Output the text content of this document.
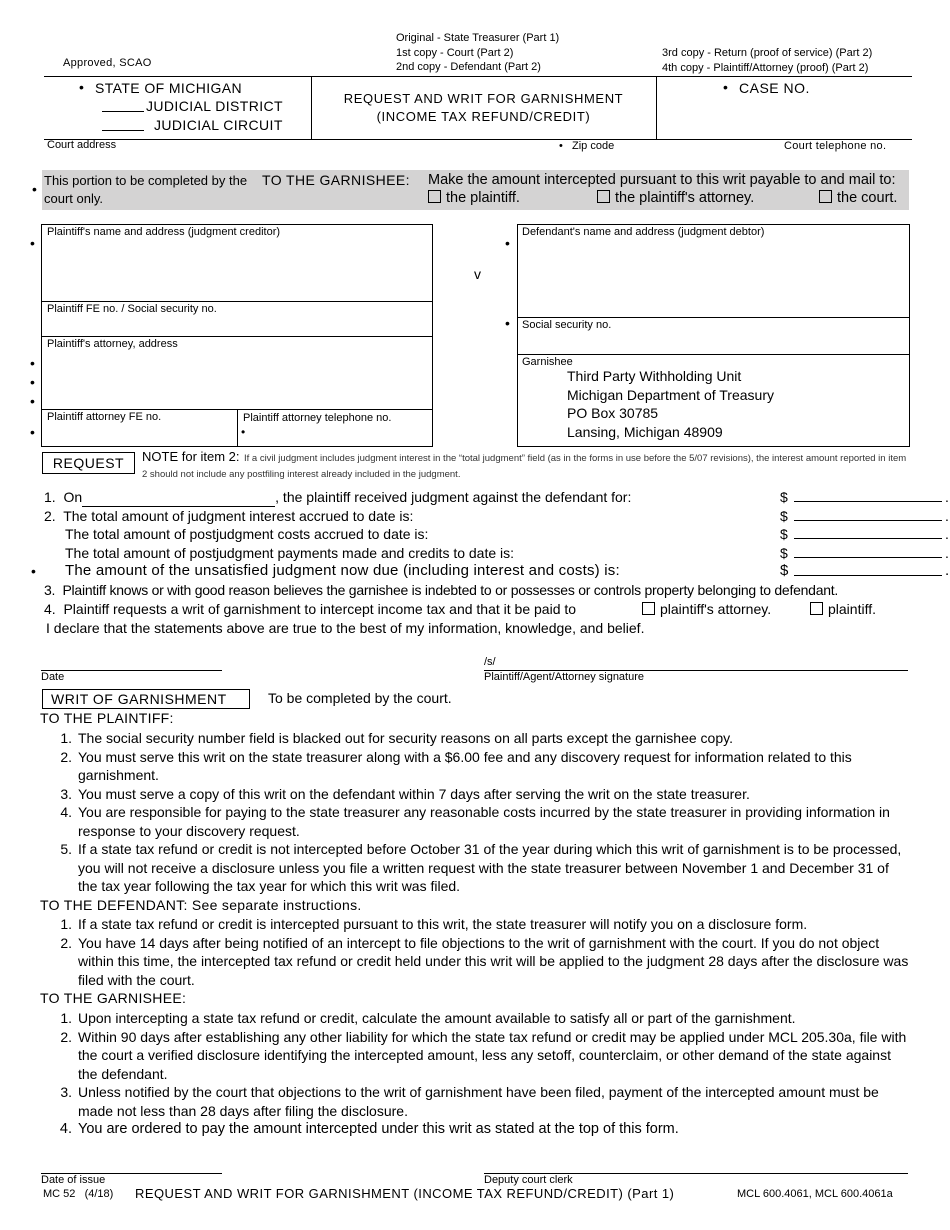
Approved, SCAO
Original - State Treasurer (Part 1)
1st copy - Court (Part 2)
2nd copy - Defendant (Part 2)
3rd copy - Return (proof of service) (Part 2)
4th copy - Plaintiff/Attorney (proof) (Part 2)
• STATE OF MICHIGAN
JUDICIAL DISTRICT
JUDICIAL CIRCUIT
REQUEST AND WRIT FOR GARNISHMENT
(INCOME TAX REFUND/CREDIT)
• CASE NO.
Court address	• Zip code	Court telephone no.
•
This portion to be completed by the court only.
TO THE GARNISHEE: Make the amount intercepted pursuant to this writ payable to and mail to:
the plaintiff.	the plaintiff's attorney.	the court.
Plaintiff's name and address (judgment creditor)
Plaintiff FE no. / Social security no.
Plaintiff's attorney, address
Plaintiff attorney FE no.	Plaintiff attorney telephone no.
•
•
•
•
•
•
v
•
•
Defendant's name and address (judgment debtor)
Social security no.
Garnishee
Third Party Withholding Unit
Michigan Department of Treasury
PO Box 30785
Lansing, Michigan 48909
REQUEST	NOTE for item 2: If a civil judgment includes judgment interest in the “total judgment” field (as in the forms in use before the 5/07 revisions), the interest amount reported in item 2 should not include any postfiling interest already included in the judgment.
1. On	, the plaintiff received judgment against the defendant for:	$	.
2. The total amount of judgment interest accrued to date is:	$	.
The total amount of postjudgment costs accrued to date is:	$	.
The total amount of postjudgment payments made and credits to date is:	$	.
•	The amount of the unsatisfied judgment now due (including interest and costs) is:	$	.
3. Plaintiff knows or with good reason believes the garnishee is indebted to or possesses or controls property belonging to defendant.
4. Plaintiff requests a writ of garnishment to intercept income tax and that it be paid to	plaintiff's attorney.	plaintiff.
I declare that the statements above are true to the best of my information, knowledge, and belief.
Date
/s/
Plaintiff/Agent/Attorney signature
WRIT OF GARNISHMENT	To be completed by the court.
TO THE PLAINTIFF:
1. The social security number field is blacked out for security reasons on all parts except the garnishee copy.
2. You must serve this writ on the state treasurer along with a $6.00 fee and any discovery request for information related to this garnishment.
3. You must serve a copy of this writ on the defendant within 7 days after serving the writ on the state treasurer.
4. You are responsible for paying to the state treasurer any reasonable costs incurred by the state treasurer in providing information in response to your discovery request.
5. If a state tax refund or credit is not intercepted before October 31 of the year during which this writ of garnishment is to be processed, you will not receive a disclosure unless you file a written request with the state treasurer between November 1 and December 31 of the tax year following the tax year for which this writ was filed.
TO THE DEFENDANT: See separate instructions.
1. If a state tax refund or credit is intercepted pursuant to this writ, the state treasurer will notify you on a disclosure form.
2. You have 14 days after being notified of an intercept to file objections to the writ of garnishment with the court. If you do not object within this time, the intercepted tax refund or credit held under this writ will be applied to the judgment 28 days after the disclosure was filed with the court.
TO THE GARNISHEE:
1. Upon intercepting a state tax refund or credit, calculate the amount available to satisfy all or part of the garnishment.
2. Within 90 days after establishing any other liability for which the state tax refund or credit may be applied under MCL 205.30a, file with the court a verified disclosure identifying the intercepted amount, less any setoff, counterclaim, or other demand of the state against the defendant.
3. Unless notified by the court that objections to the writ of garnishment have been filed, payment of the intercepted amount must be made not less than 28 days after filing the disclosure.
4. You are ordered to pay the amount intercepted under this writ as stated at the top of this form.
Date of issue	Deputy court clerk
MC 52 (4/18) REQUEST AND WRIT FOR GARNISHMENT (INCOME TAX REFUND/CREDIT) (Part 1)	MCL 600.4061, MCL 600.4061a
